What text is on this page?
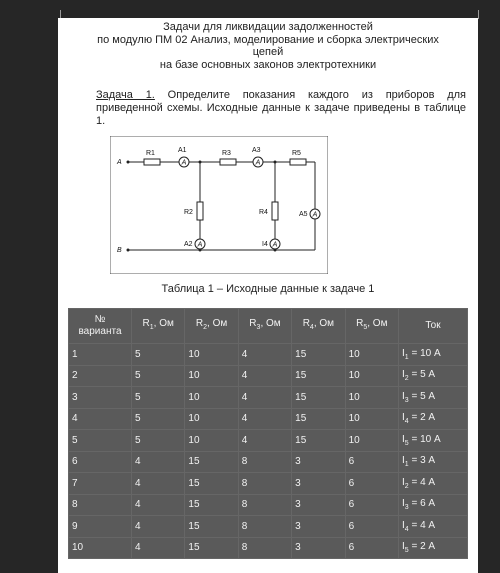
Задачи для ликвидации задолженностей
по модулю ПМ 02 Анализ, моделирование и сборка электрических
цепей
на базе основных законов электротехники
Задача 1. Определите показания каждого из приборов для приведенной схемы. Исходные данные к задаче приведены в таблице 1.
A	A
A	A
A
A
B
R1	A1	R3	A3	R5
R2	R4	A5
A2	I4
Таблица 1 – Исходные данные к задаче 1
№
варианта	$R_1$, Ом	$R_2$, Ом	$R_3$, Ом	$R_4$, Ом	$R_5$, Ом	Ток
1	5	10	4	15	10	$I_1 = 10$ А
2	5	10	4	15	10	$I_2 = 5$ А
3	5	10	4	15	10	$I_3 = 5$ А
4	5	10	4	15	10	$I_4 = 2$ А
5	5	10	4	15	10	$I_5 = 10$ А
6	4	15	8	3	6	$I_1 = 3$ А
7	4	15	8	3	6	$I_2 = 4$ А
8	4	15	8	3	6	$I_3 = 6$ А
9	4	15	8	3	6	$I_4 = 4$ А
10	4	15	8	3	6	$I_5 = 2$ А
